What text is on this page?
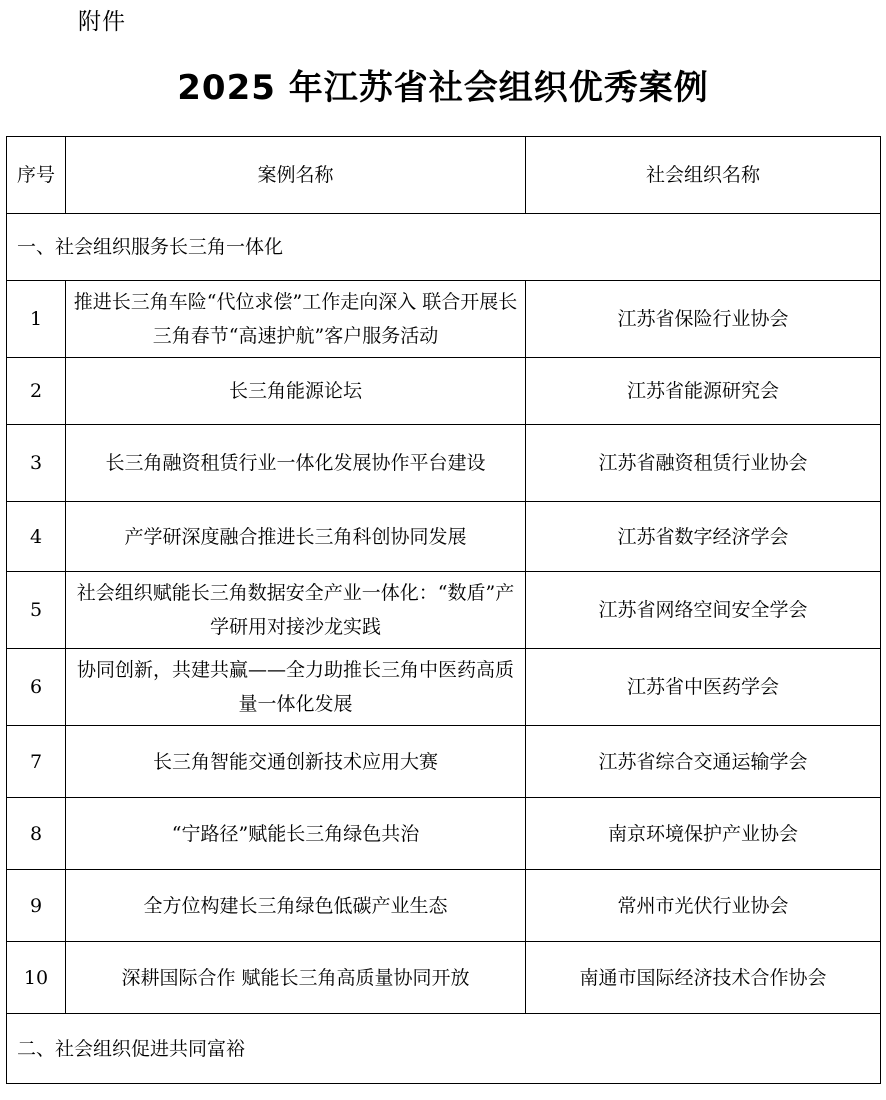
附件
2025 年江苏省社会组织优秀案例
序号	案例名称	社会组织名称
一、社会组织服务长三角一体化		
1	推进长三角车险“代位求偿”工作走向深入 联合开展长三角春节“高速护航”客户服务活动	江苏省保险行业协会
2	长三角能源论坛	江苏省能源研究会
3	长三角融资租赁行业一体化发展协作平台建设	江苏省融资租赁行业协会
4	产学研深度融合推进长三角科创协同发展	江苏省数字经济学会
5	社会组织赋能长三角数据安全产业一体化：“数盾”产学研用对接沙龙实践	江苏省网络空间安全学会
6	协同创新，共建共赢——全力助推长三角中医药高质量一体化发展	江苏省中医药学会
7	长三角智能交通创新技术应用大赛	江苏省综合交通运输学会
8	“宁路径”赋能长三角绿色共治	南京环境保护产业协会
9	全方位构建长三角绿色低碳产业生态	常州市光伏行业协会
10	深耕国际合作 赋能长三角高质量协同开放	南通市国际经济技术合作协会
二、社会组织促进共同富裕		
